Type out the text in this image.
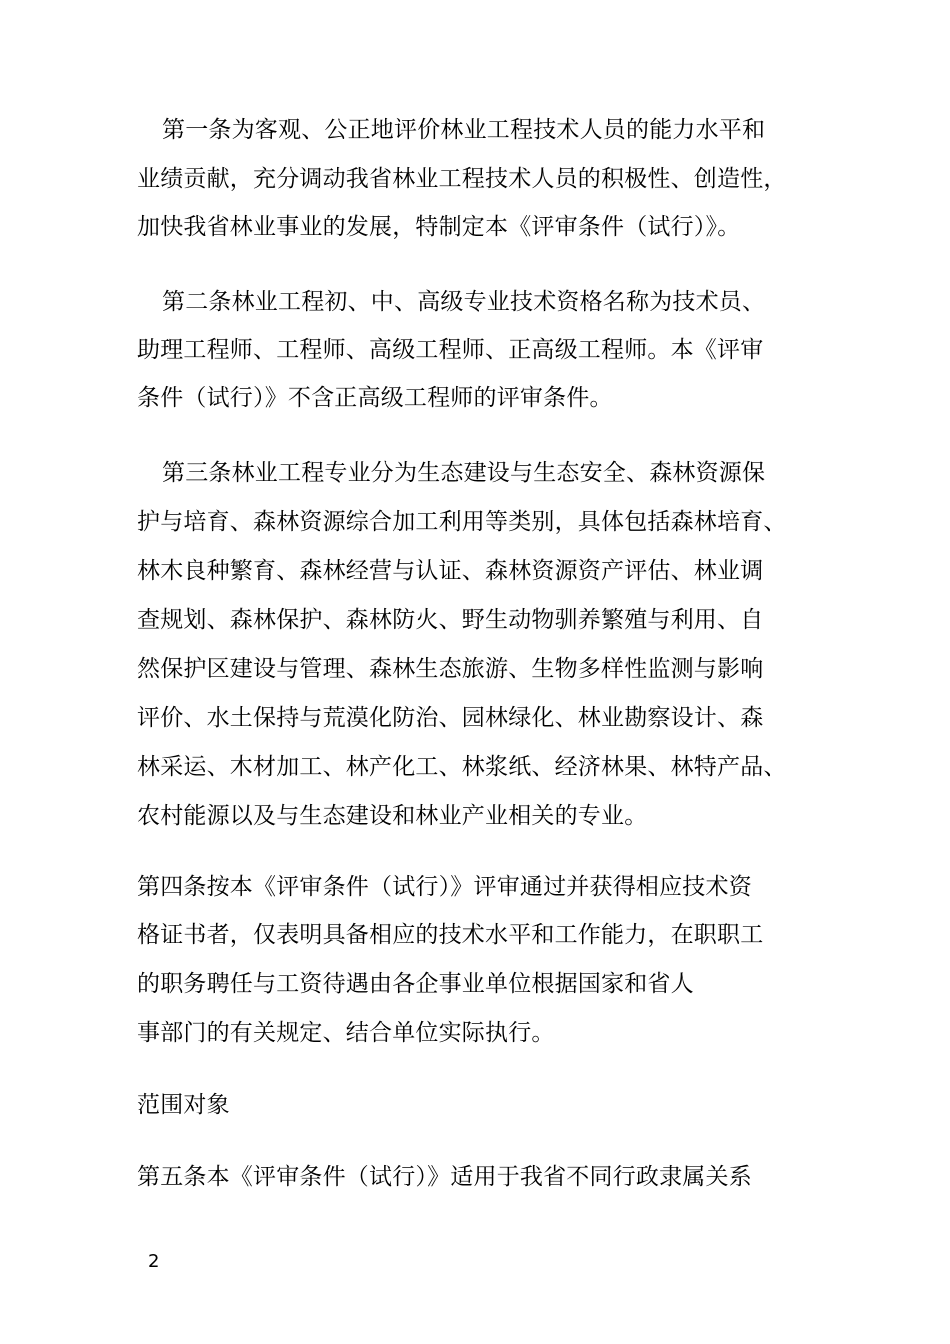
第一条为客观、公正地评价林业工程技术人员的能力水平和
业绩贡献，充分调动我省林业工程技术人员的积极性、创造性，
加快我省林业事业的发展，特制定本《评审条件（试行）》。
第二条林业工程初、中、高级专业技术资格名称为技术员、
助理工程师、工程师、高级工程师、正高级工程师。本《评审
条件（试行）》不含正高级工程师的评审条件。
第三条林业工程专业分为生态建设与生态安全、森林资源保
护与培育、森林资源综合加工利用等类别，具体包括森林培育、
林木良种繁育、森林经营与认证、森林资源资产评估、林业调
查规划、森林保护、森林防火、野生动物驯养繁殖与利用、自
然保护区建设与管理、森林生态旅游、生物多样性监测与影响
评价、水土保持与荒漠化防治、园林绿化、林业勘察设计、森
林采运、木材加工、林产化工、林浆纸、经济林果、林特产品、
农村能源以及与生态建设和林业产业相关的专业。
第四条按本《评审条件（试行）》评审通过并获得相应技术资
格证书者，仅表明具备相应的技术水平和工作能力，在职职工
的职务聘任与工资待遇由各企事业单位根据国家和省人
事部门的有关规定、结合单位实际执行。
范围对象
第五条本《评审条件（试行）》适用于我省不同行政隶属关系
2
